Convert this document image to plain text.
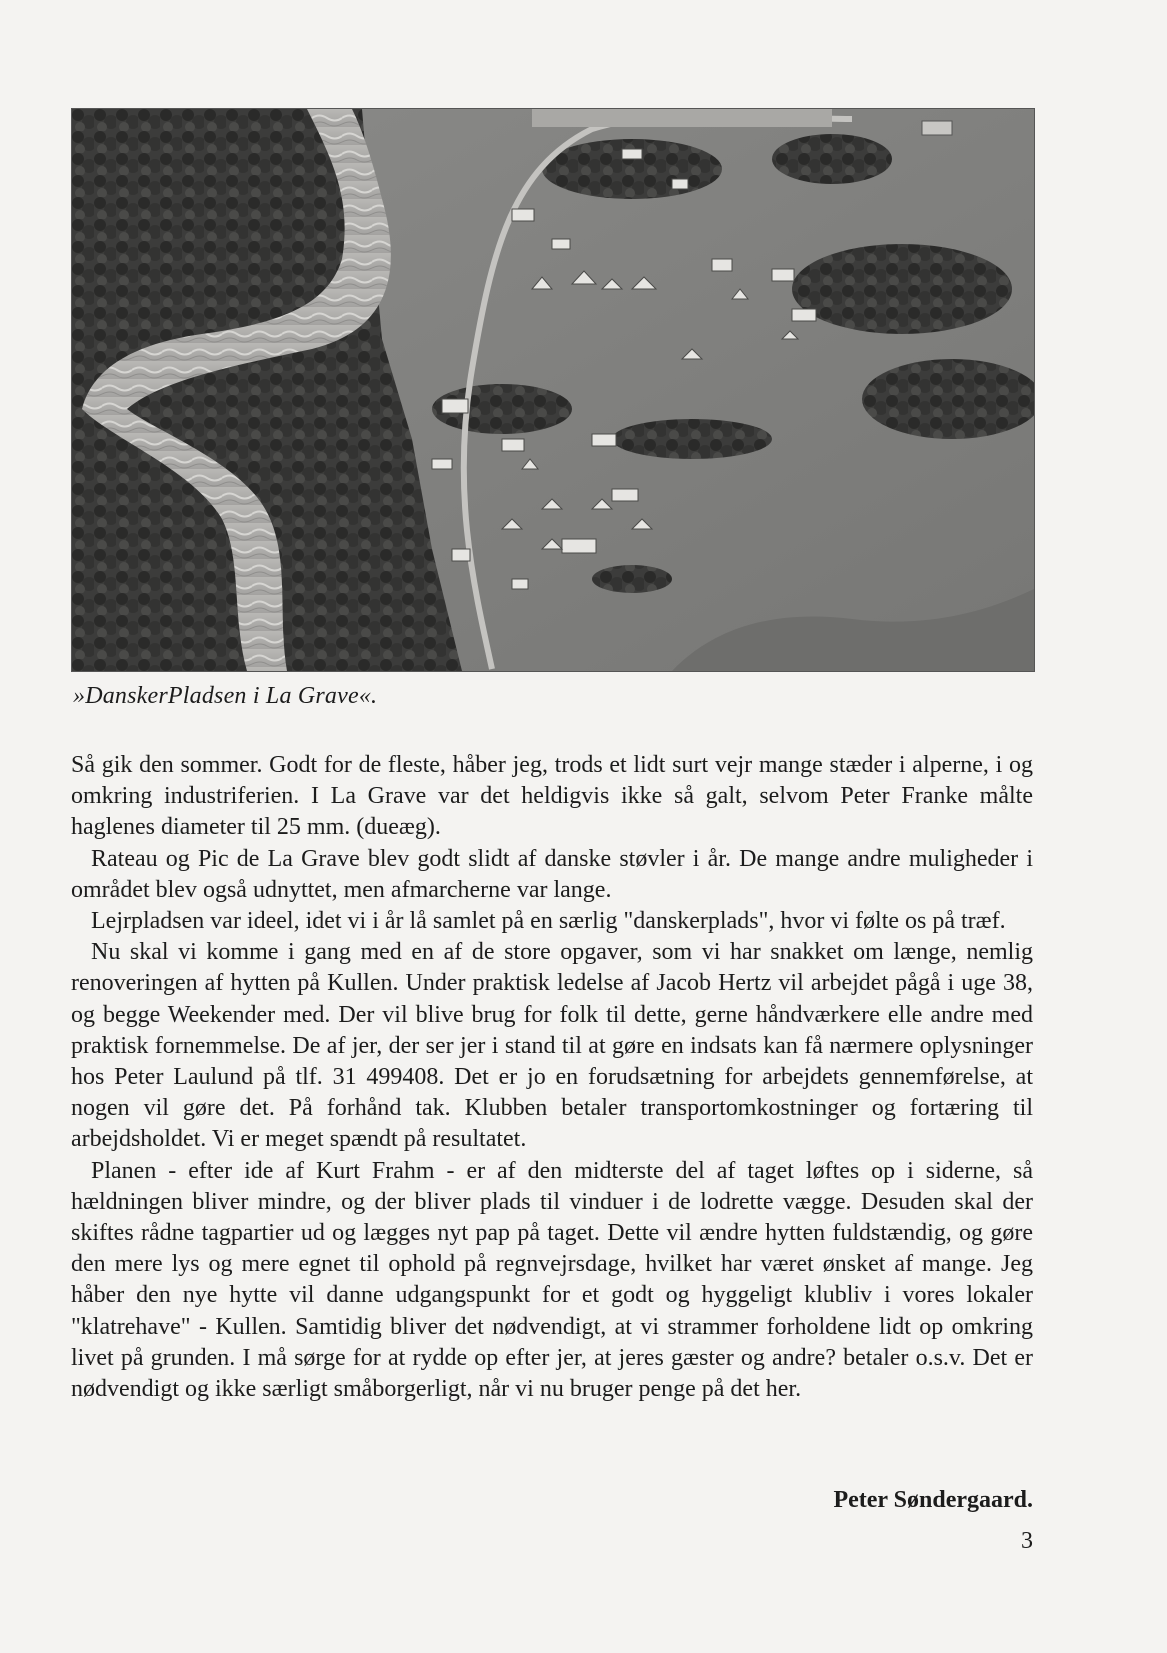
»DanskerPladsen i La Grave«.

Så gik den sommer. Godt for de fleste, håber jeg, trods et lidt surt vejr mange stæder i alperne, i og omkring industriferien. I La Grave var det heldigvis ikke så galt, selvom Peter Franke målte haglenes diameter til 25 mm. (dueæg).

Rateau og Pic de La Grave blev godt slidt af danske støvler i år. De mange andre muligheder i området blev også udnyttet, men afmarcherne var lange.

Lejrpladsen var ideel, idet vi i år lå samlet på en særlig "danskerplads", hvor vi følte os på træf.

Nu skal vi komme i gang med en af de store opgaver, som vi har snakket om længe, nemlig renoveringen af hytten på Kullen. Under praktisk ledelse af Jacob Hertz vil arbejdet pågå i uge 38, og begge Weekender med. Der vil blive brug for folk til dette, gerne håndværkere elle andre med praktisk fornemmelse. De af jer, der ser jer i stand til at gøre en indsats kan få nærmere oplysninger hos Peter Laulund på tlf. 31 499408. Det er jo en forudsætning for arbejdets gennemførelse, at nogen vil gøre det. På forhånd tak. Klubben betaler transportomkostninger og fortæring til arbejdsholdet. Vi er meget spændt på resultatet.

Planen - efter ide af Kurt Frahm - er af den midterste del af taget løftes op i siderne, så hældningen bliver mindre, og der bliver plads til vinduer i de lodrette vægge. Desuden skal der skiftes rådne tagpartier ud og lægges nyt pap på taget. Dette vil ændre hytten fuldstændig, og gøre den mere lys og mere egnet til ophold på regnvejrsdage, hvilket har været ønsket af mange. Jeg håber den nye hytte vil danne udgangspunkt for et godt og hyggeligt klubliv i vores lokaler "klatrehave" - Kullen. Samtidig bliver det nødvendigt, at vi strammer forholdene lidt op omkring livet på grunden. I må sørge for at rydde op efter jer, at jeres gæster og andre? betaler o.s.v. Det er nødvendigt og ikke særligt småborgerligt, når vi nu bruger penge på det her.

Peter Søndergaard.
3
